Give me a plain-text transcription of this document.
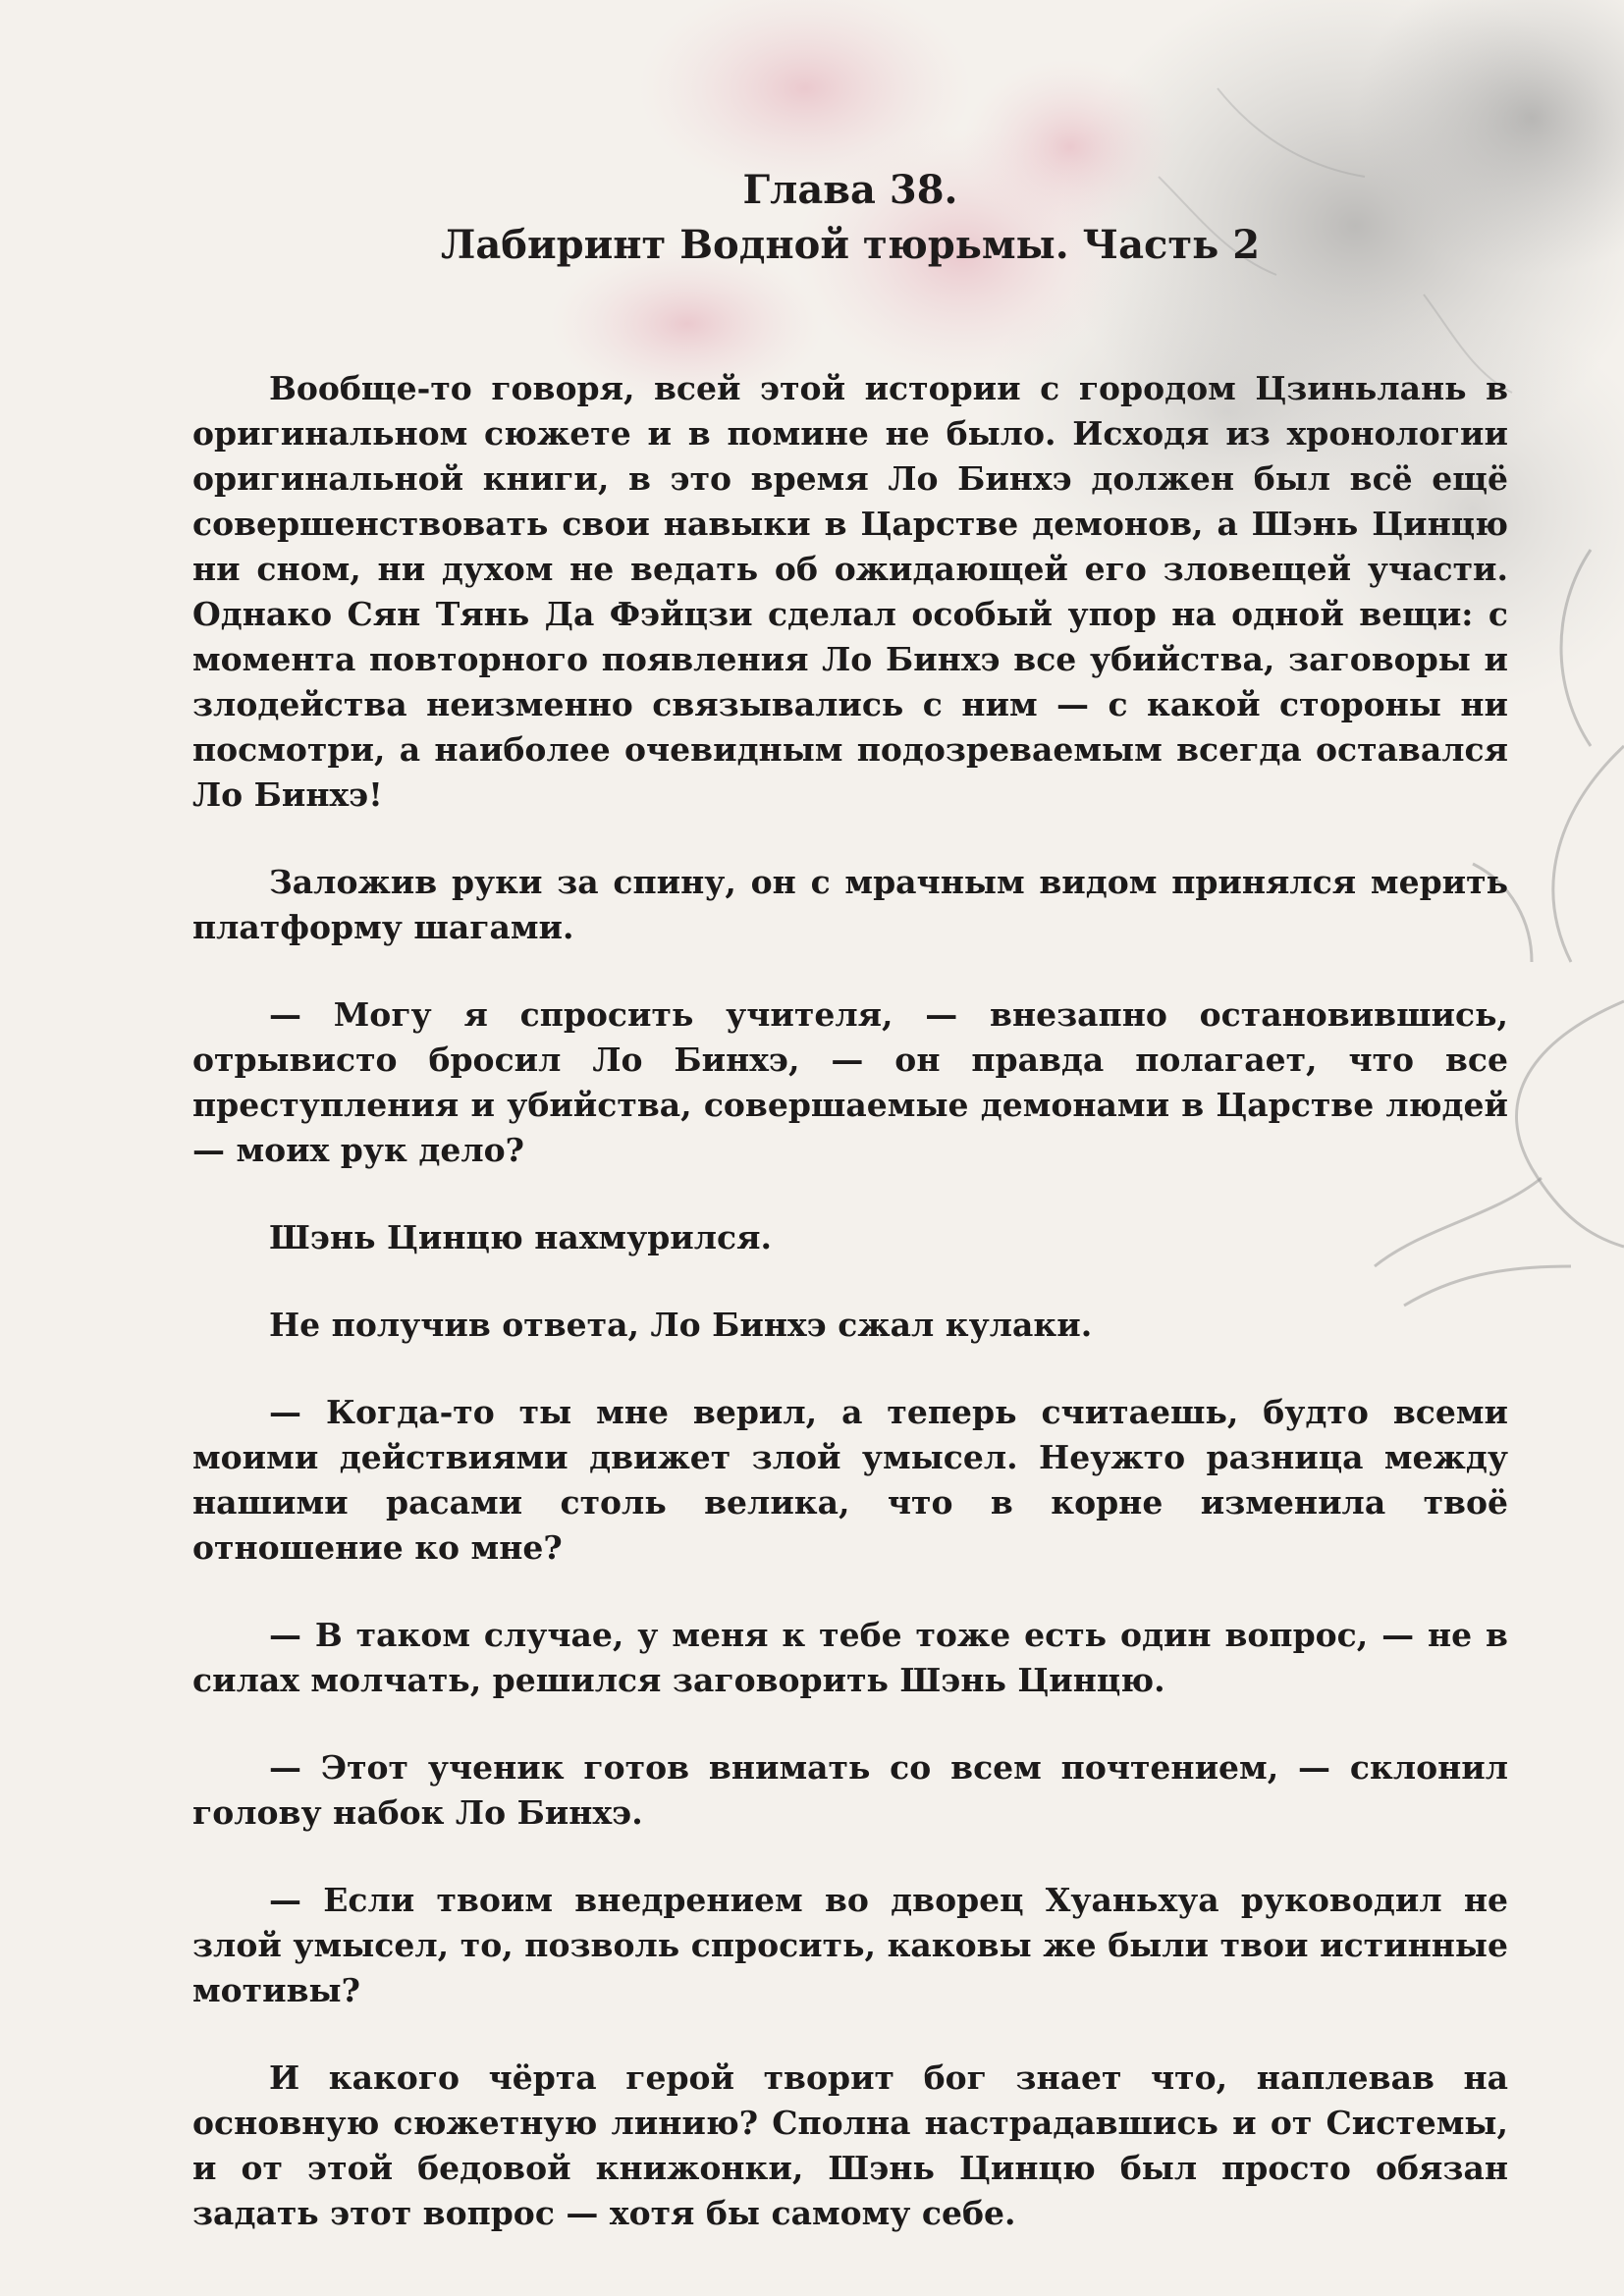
Глава 38.
Лабиринт Водной тюрьмы. Часть 2

Вообще-то говоря, всей этой истории с городом Цзиньлань в оригинальном сюжете и в помине не было. Исходя из хронологии оригинальной книги, в это время Ло Бинхэ должен был всё ещё совершенствовать свои навыки в Царстве демонов, а Шэнь Цинцю ни сном, ни духом не ведать об ожидающей его зловещей участи. Однако Сян Тянь Да Фэйцзи сделал особый упор на одной вещи: с момента повторного появления Ло Бинхэ все убийства, заговоры и злодейства неизменно связывались с ним — с какой стороны ни посмотри, а наиболее очевидным подозреваемым всегда оставался Ло Бинхэ!

Заложив руки за спину, он с мрачным видом принялся мерить платформу шагами.

— Могу я спросить учителя, — внезапно остановившись, отрывисто бросил Ло Бинхэ, — он правда полагает, что все преступления и убийства, совершаемые демонами в Царстве людей — моих рук дело?

Шэнь Цинцю нахмурился.

Не получив ответа, Ло Бинхэ сжал кулаки.

— Когда-то ты мне верил, а теперь считаешь, будто всеми моими действиями движет злой умысел. Неужто разница между нашими расами столь велика, что в корне изменила твоё отношение ко мне?

— В таком случае, у меня к тебе тоже есть один вопрос, — не в силах молчать, решился заговорить Шэнь Цинцю.

— Этот ученик готов внимать со всем почтением, — склонил голову набок Ло Бинхэ.

— Если твоим внедрением во дворец Хуаньхуа руководил не злой умысел, то, позволь спросить, каковы же были твои истинные мотивы?

И какого чёрта герой творит бог знает что, наплевав на основную сюжетную линию? Сполна настрадавшись и от Системы, и от этой бедовой книжонки, Шэнь Цинцю был просто обязан задать этот вопрос — хотя бы самому себе.
